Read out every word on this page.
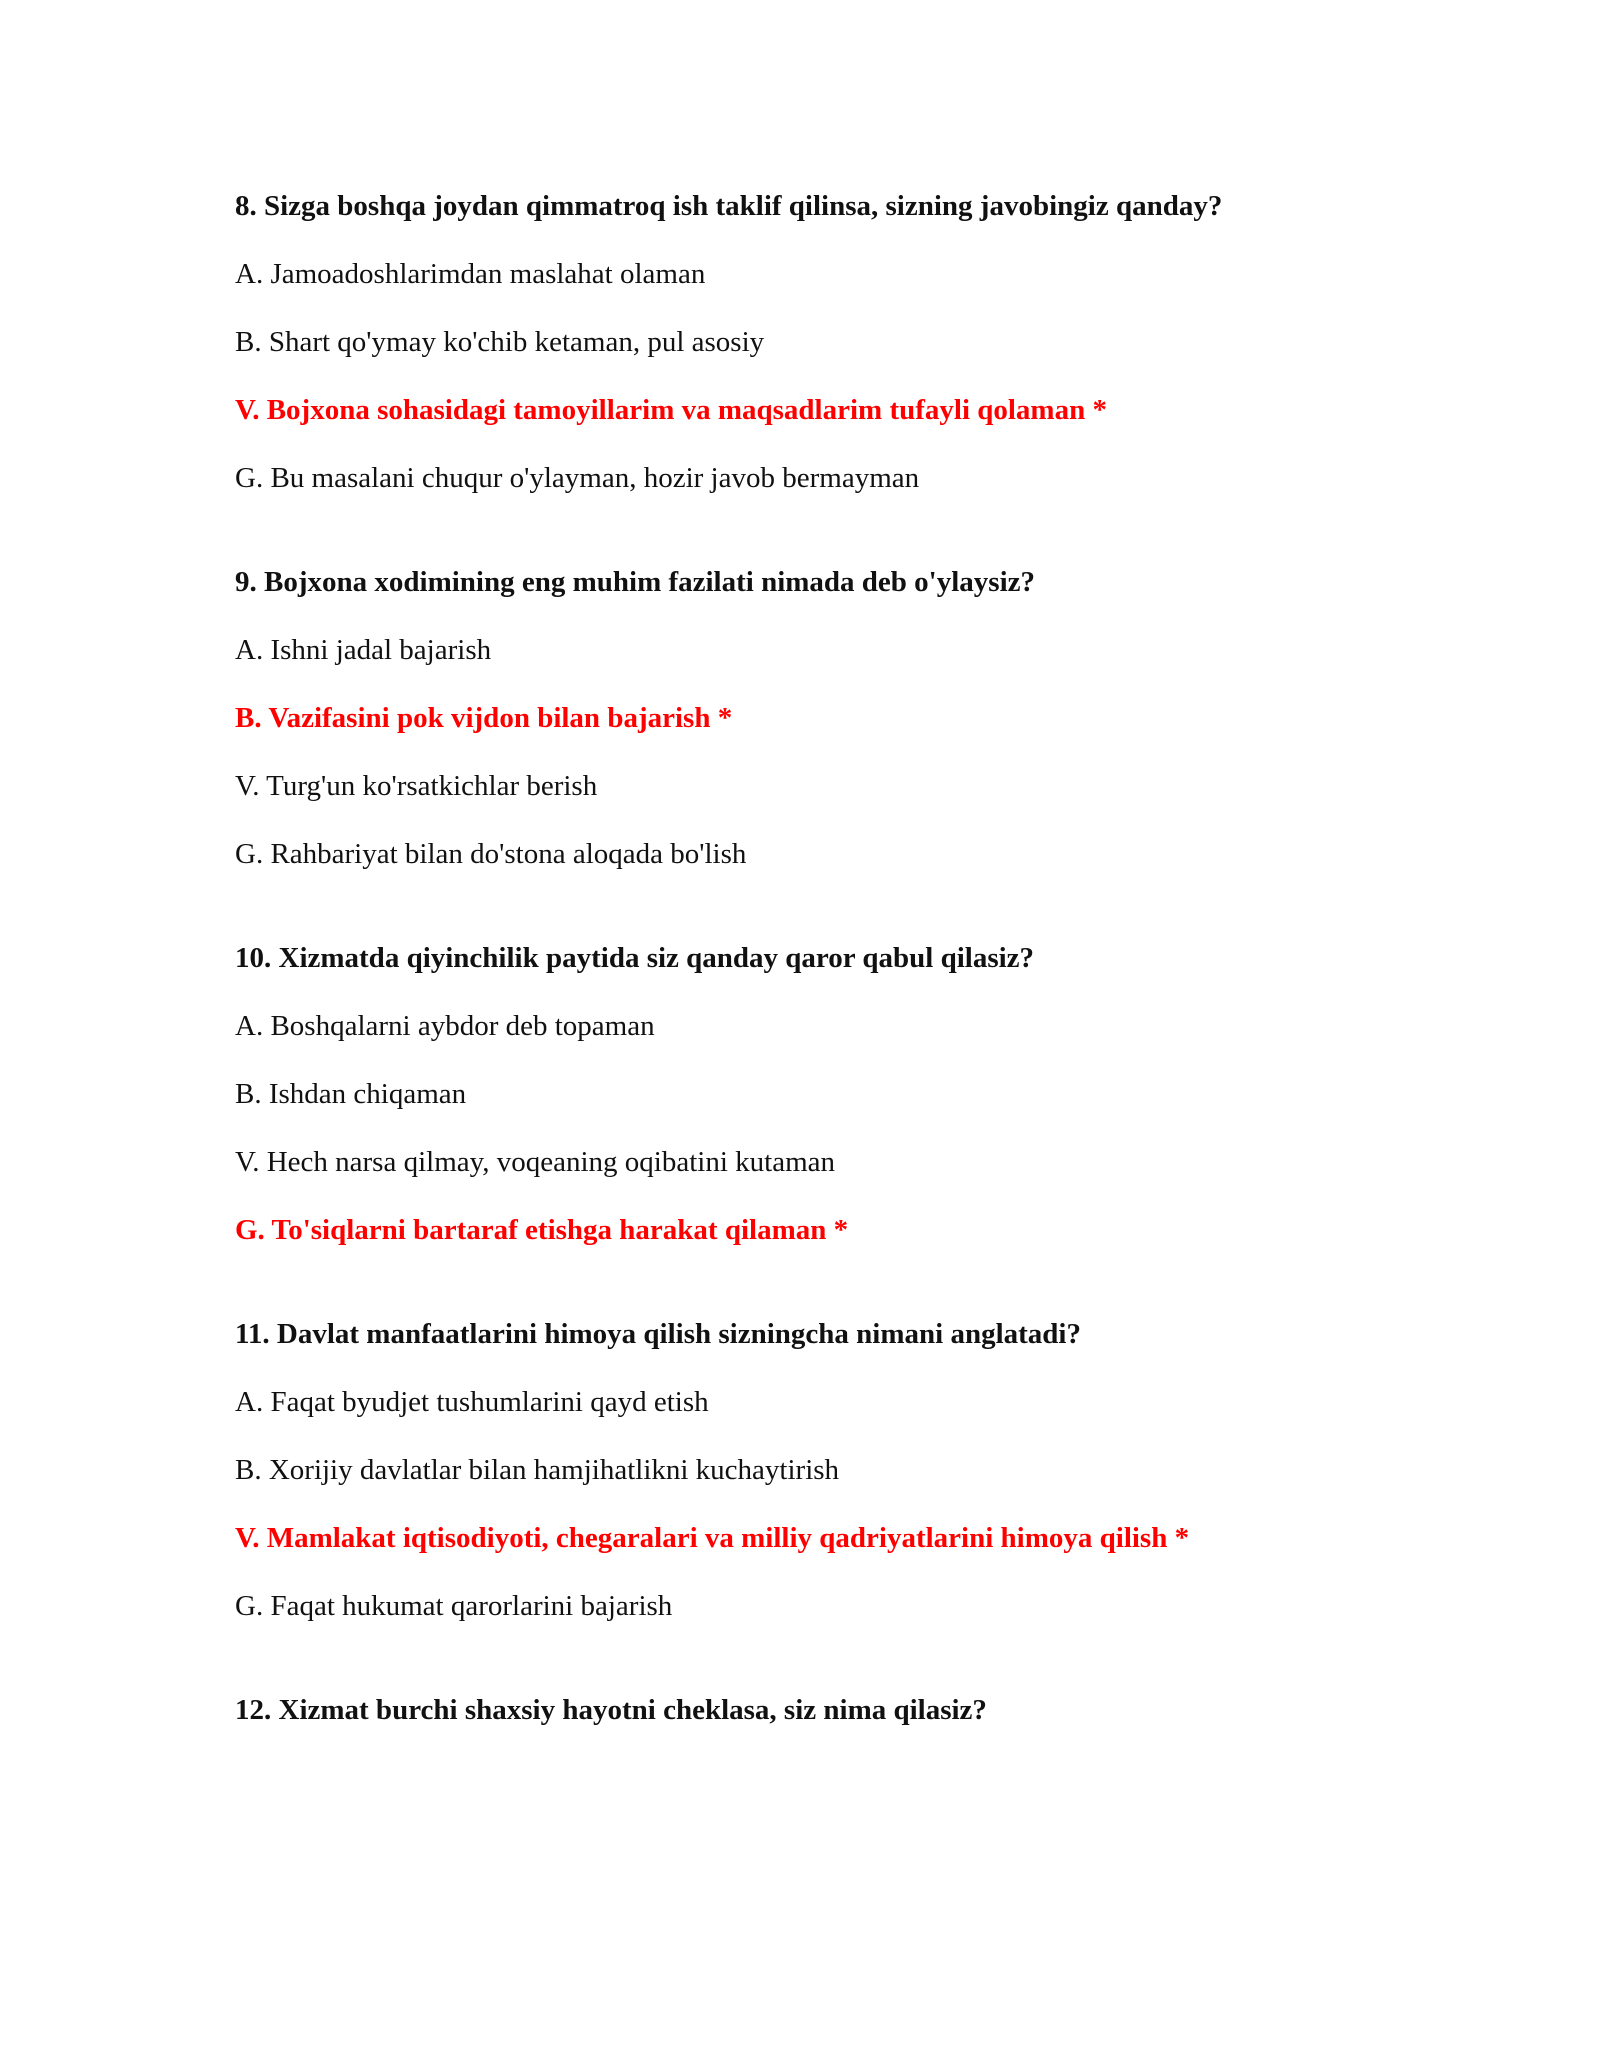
8. Sizga boshqa joydan qimmatroq ish taklif qilinsa, sizning javobingiz qanday?
A. Jamoadoshlarimdan maslahat olaman
B. Shart qo'ymay ko'chib ketaman, pul asosiy
V. Bojxona sohasidagi tamoyillarim va maqsadlarim tufayli qolaman *
G. Bu masalani chuqur o'ylayman, hozir javob bermayman
9. Bojxona xodimining eng muhim fazilati nimada deb o'ylaysiz?
A. Ishni jadal bajarish
B. Vazifasini pok vijdon bilan bajarish *
V. Turg'un ko'rsatkichlar berish
G. Rahbariyat bilan do'stona aloqada bo'lish
10. Xizmatda qiyinchilik paytida siz qanday qaror qabul qilasiz?
A. Boshqalarni aybdor deb topaman
B. Ishdan chiqaman
V. Hech narsa qilmay, voqeaning oqibatini kutaman
G. To'siqlarni bartaraf etishga harakat qilaman *
11. Davlat manfaatlarini himoya qilish sizningcha nimani anglatadi?
A. Faqat byudjet tushumlarini qayd etish
B. Xorijiy davlatlar bilan hamjihatlikni kuchaytirish
V. Mamlakat iqtisodiyoti, chegaralari va milliy qadriyatlarini himoya qilish *
G. Faqat hukumat qarorlarini bajarish
12. Xizmat burchi shaxsiy hayotni cheklasa, siz nima qilasiz?
